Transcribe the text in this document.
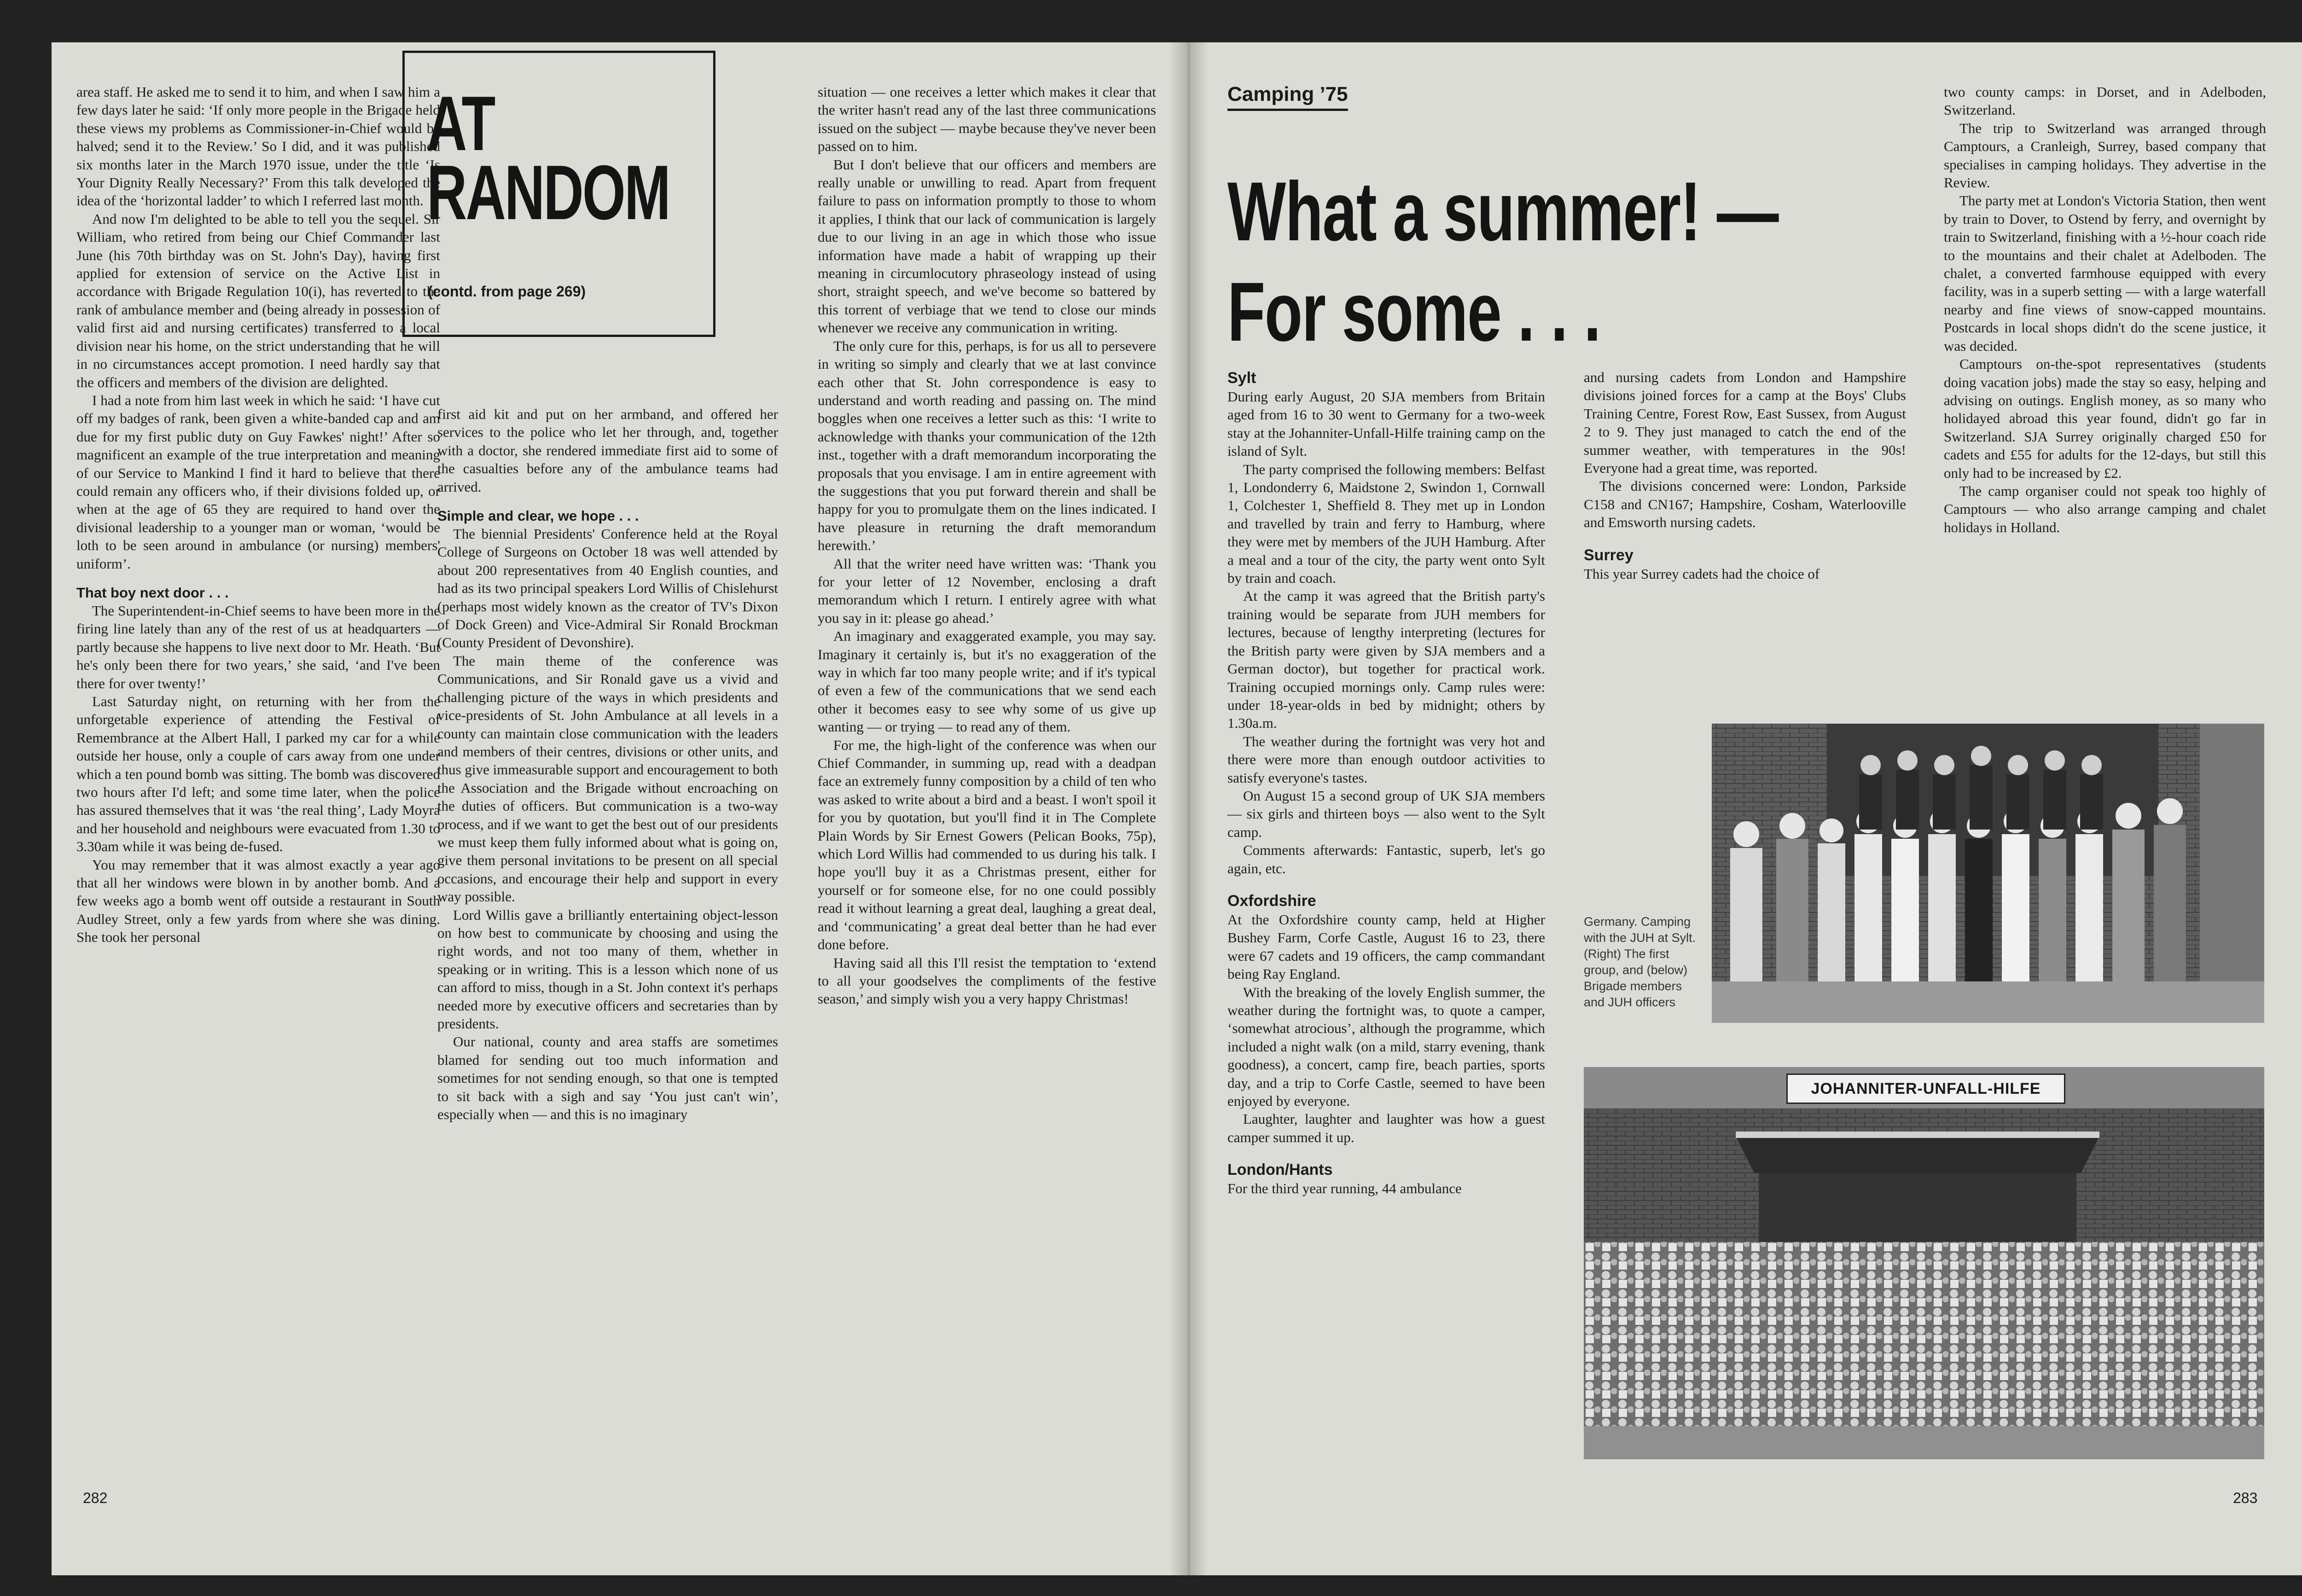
area staff. He asked me to send it to him, and when I saw him a few days later he said: ‘If only more people in the Brigade held these views my problems as Commissioner-in-Chief would be halved; send it to the Review.’ So I did, and it was published six months later in the March 1970 issue, under the title ‘Is Your Dignity Really Necessary?’ From this talk developed the idea of the ‘horizontal ladder’ to which I referred last month.

And now I'm delighted to be able to tell you the sequel. Sir William, who retired from being our Chief Commander last June (his 70th birthday was on St. John's Day), having first applied for extension of service on the Active List in accordance with Brigade Regulation 10(i), has reverted to the rank of ambulance member and (being already in possession of valid first aid and nursing certificates) transferred to a local division near his home, on the strict understanding that he will in no circumstances accept promotion. I need hardly say that the officers and members of the division are delighted.

I had a note from him last week in which he said: ‘I have cut off my badges of rank, been given a white-banded cap and am due for my first public duty on Guy Fawkes' night!’ After so magnificent an example of the true interpretation and meaning of our Service to Mankind I find it hard to believe that there could remain any officers who, if their divisions folded up, or when at the age of 65 they are required to hand over the divisional leadership to a younger man or woman, ‘would be loth to be seen around in ambulance (or nursing) members' uniform’.

That boy next door . . .

The Superintendent-in-Chief seems to have been more in the firing line lately than any of the rest of us at headquarters — partly because she happens to live next door to Mr. Heath. ‘But he's only been there for two years,’ she said, ‘and I've been there for over twenty!’

Last Saturday night, on returning with her from the unforgetable experience of attending the Festival of Remembrance at the Albert Hall, I parked my car for a while outside her house, only a couple of cars away from one under which a ten pound bomb was sitting. The bomb was discovered two hours after I'd left; and some time later, when the police has assured themselves that it was ‘the real thing’, Lady Moyra and her household and neighbours were evacuated from 1.30 to 3.30am while it was being de-fused.

You may remember that it was almost exactly a year ago that all her windows were blown in by another bomb. And a few weeks ago a bomb went off outside a restaurant in South Audley Street, only a few yards from where she was dining. She took her personal

AT
RANDOM
(contd. from page 269)

first aid kit and put on her armband, and offered her services to the police who let her through, and, together with a doctor, she rendered immediate first aid to some of the casualties before any of the ambulance teams had arrived.

Simple and clear, we hope . . .

The biennial Presidents' Conference held at the Royal College of Surgeons on October 18 was well attended by about 200 representatives from 40 English counties, and had as its two principal speakers Lord Willis of Chislehurst (perhaps most widely known as the creator of TV's Dixon of Dock Green) and Vice-Admiral Sir Ronald Brockman (County President of Devonshire).

The main theme of the conference was Communications, and Sir Ronald gave us a vivid and challenging picture of the ways in which presidents and vice-presidents of St. John Ambulance at all levels in a county can maintain close communication with the leaders and members of their centres, divisions or other units, and thus give immeasurable support and encouragement to both the Association and the Brigade without encroaching on the duties of officers. But communication is a two-way process, and if we want to get the best out of our presidents we must keep them fully informed about what is going on, give them personal invitations to be present on all special occasions, and encourage their help and support in every way possible.

Lord Willis gave a brilliantly entertaining object-lesson on how best to communicate by choosing and using the right words, and not too many of them, whether in speaking or in writing. This is a lesson which none of us can afford to miss, though in a St. John context it's perhaps needed more by executive officers and secretaries than by presidents.

Our national, county and area staffs are sometimes blamed for sending out too much information and sometimes for not sending enough, so that one is tempted to sit back with a sigh and say ‘You just can't win’, especially when — and this is no imaginary

situation — one receives a letter which makes it clear that the writer hasn't read any of the last three communications issued on the subject — maybe because they've never been passed on to him.

But I don't believe that our officers and members are really unable or unwilling to read. Apart from frequent failure to pass on information promptly to those to whom it applies, I think that our lack of communication is largely due to our living in an age in which those who issue information have made a habit of wrapping up their meaning in circumlocutory phraseology instead of using short, straight speech, and we've become so battered by this torrent of verbiage that we tend to close our minds whenever we receive any communication in writing.

The only cure for this, perhaps, is for us all to persevere in writing so simply and clearly that we at last convince each other that St. John correspondence is easy to understand and worth reading and passing on. The mind boggles when one receives a letter such as this: ‘I write to acknowledge with thanks your communication of the 12th inst., together with a draft memorandum incorporating the proposals that you envisage. I am in entire agreement with the suggestions that you put forward therein and shall be happy for you to promulgate them on the lines indicated. I have pleasure in returning the draft memorandum herewith.’

All that the writer need have written was: ‘Thank you for your letter of 12 November, enclosing a draft memorandum which I return. I entirely agree with what you say in it: please go ahead.’

An imaginary and exaggerated example, you may say. Imaginary it certainly is, but it's no exaggeration of the way in which far too many people write; and if it's typical of even a few of the communications that we send each other it becomes easy to see why some of us give up wanting — or trying — to read any of them.

For me, the high-light of the conference was when our Chief Commander, in summing up, read with a deadpan face an extremely funny composition by a child of ten who was asked to write about a bird and a beast. I won't spoil it for you by quotation, but you'll find it in The Complete Plain Words by Sir Ernest Gowers (Pelican Books, 75p), which Lord Willis had commended to us during his talk. I hope you'll buy it as a Christmas present, either for yourself or for someone else, for no one could possibly read it without learning a great deal, laughing a great deal, and ‘communicating’ a great deal better than he had ever done before.

Having said all this I'll resist the temptation to ‘extend to all your goodselves the compliments of the festive season,’ and simply wish you a very happy Christmas!

282
Camping ’75
What a summer! —
For some . . .
Sylt

During early August, 20 SJA members from Britain aged from 16 to 30 went to Germany for a two-week stay at the Johanniter-Unfall-Hilfe training camp on the island of Sylt.

The party comprised the following members: Belfast 1, Londonderry 6, Maidstone 2, Swindon 1, Cornwall 1, Colchester 1, Sheffield 8. They met up in London and travelled by train and ferry to Hamburg, where they were met by members of the JUH Hamburg. After a meal and a tour of the city, the party went onto Sylt by train and coach.

At the camp it was agreed that the British party's training would be separate from JUH members for lectures, because of lengthy interpreting (lectures for the British party were given by SJA members and a German doctor), but together for practical work. Training occupied mornings only. Camp rules were: under 18-year-olds in bed by midnight; others by 1.30a.m.

The weather during the fortnight was very hot and there were more than enough outdoor activities to satisfy everyone's tastes.

On August 15 a second group of UK SJA members — six girls and thirteen boys — also went to the Sylt camp.

Comments afterwards: Fantastic, superb, let's go again, etc.

Oxfordshire

At the Oxfordshire county camp, held at Higher Bushey Farm, Corfe Castle, August 16 to 23, there were 67 cadets and 19 officers, the camp commandant being Ray England.

With the breaking of the lovely English summer, the weather during the fortnight was, to quote a camper, ‘somewhat atrocious’, although the programme, which included a night walk (on a mild, starry evening, thank goodness), a concert, camp fire, beach parties, sports day, and a trip to Corfe Castle, seemed to have been enjoyed by everyone.

Laughter, laughter and laughter was how a guest camper summed it up.

London/Hants

For the third year running, 44 ambulance

and nursing cadets from London and Hampshire divisions joined forces for a camp at the Boys' Clubs Training Centre, Forest Row, East Sussex, from August 2 to 9. They just managed to catch the end of the summer weather, with temperatures in the 90s! Everyone had a great time, was reported.

The divisions concerned were: London, Parkside C158 and CN167; Hampshire, Cosham, Waterlooville and Emsworth nursing cadets.

Surrey

This year Surrey cadets had the choice of

two county camps: in Dorset, and in Adelboden, Switzerland.

The trip to Switzerland was arranged through Camptours, a Cranleigh, Surrey, based company that specialises in camping holidays. They advertise in the Review.

The party met at London's Victoria Station, then went by train to Dover, to Ostend by ferry, and overnight by train to Switzerland, finishing with a ½-hour coach ride to the mountains and their chalet at Adelboden. The chalet, a converted farmhouse equipped with every facility, was in a superb setting — with a large waterfall nearby and fine views of snow-capped mountains. Postcards in local shops didn't do the scene justice, it was decided.

Camptours on-the-spot representatives (students doing vacation jobs) made the stay so easy, helping and advising on outings. English money, as so many who holidayed abroad this year found, didn't go far in Switzerland. SJA Surrey originally charged £50 for cadets and £55 for adults for the 12-days, but still this only had to be increased by £2.

The camp organiser could not speak too highly of Camptours — who also arrange camping and chalet holidays in Holland.

Germany. Camping with the JUH at Sylt. (Right) The first group, and (below) Brigade members and JUH officers
JOHANNITER-UNFALL-HILFE
283
